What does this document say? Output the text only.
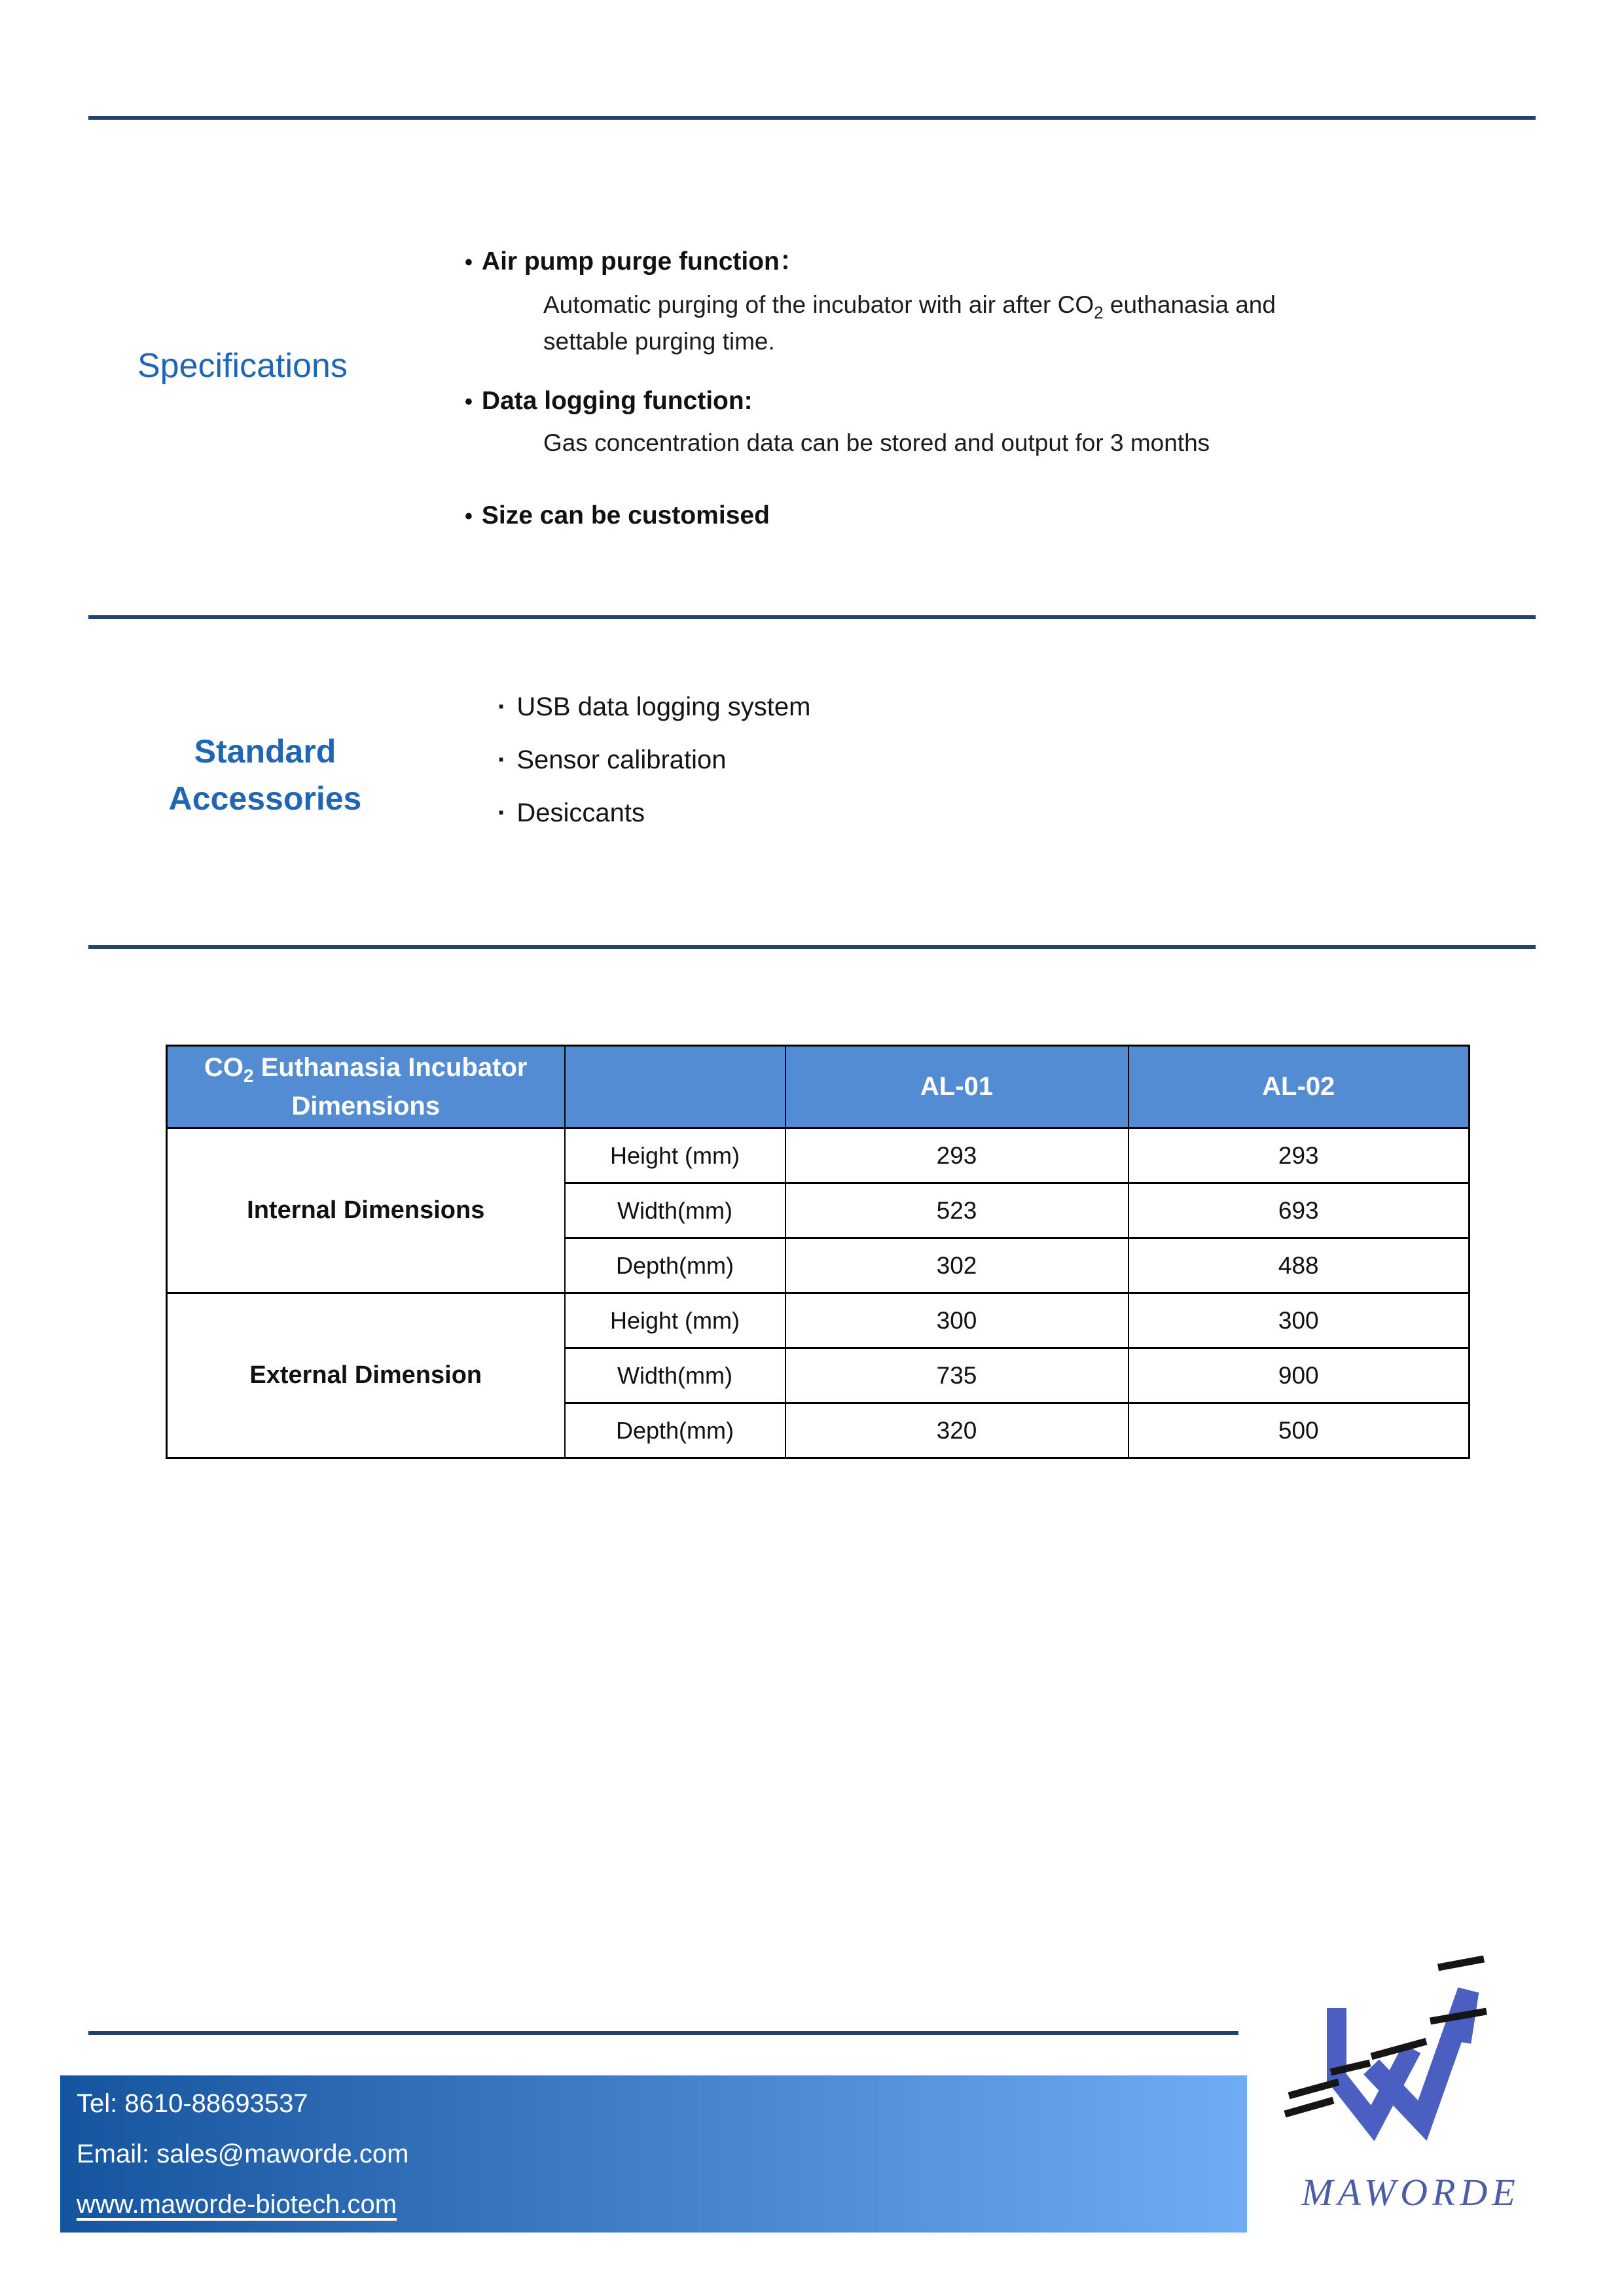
Specifications
• Air pump purge function：

Automatic purging of the incubator with air after $CO_2$ euthanasia and settable purging time.

• Data logging function:

Gas concentration data can be stored and output for 3 months

• Size can be customised
Standard Accessories
· USB data logging system
· Sensor calibration
· Desiccants
$CO_2$ Euthanasia Incubator Dimensions		AL-01	AL-02
Internal Dimensions	Height (mm)	293	293
	Width(mm)	523	693
	Depth(mm)	302	488
External Dimension	Height (mm)	300	300
	Width(mm)	735	900
	Depth(mm)	320	500
Tel: 8610-88693537
Email: sales@maworde.com
www.maworde-biotech.com	MAWORDE
